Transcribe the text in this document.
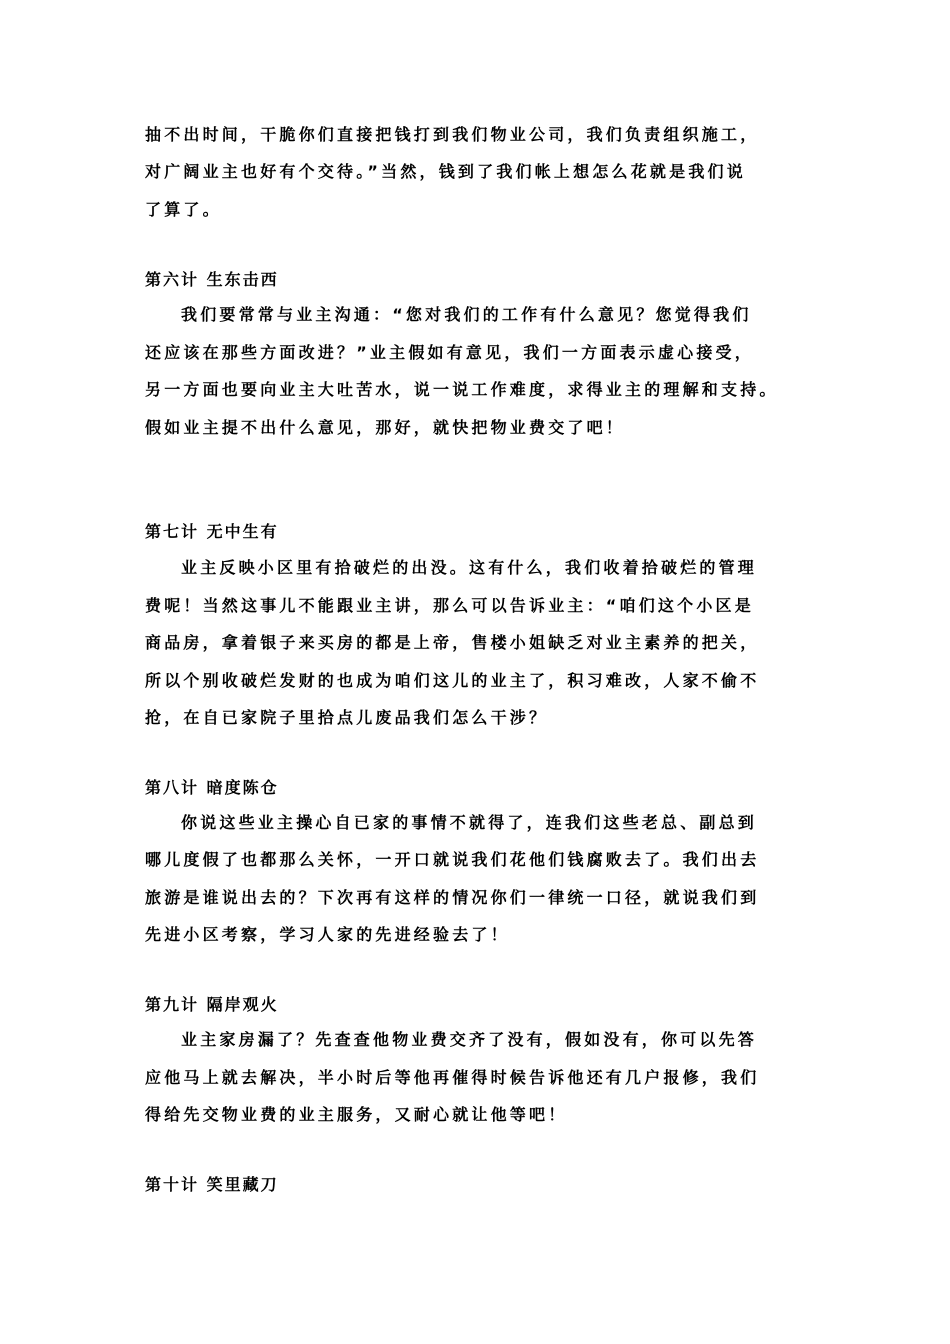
抽不出时间，干脆你们直接把钱打到我们物业公司，我们负责组织施工，
对广阔业主也好有个交待。”当然，钱到了我们帐上想怎么花就是我们说
了算了。
第六计 生东击西
我们要常常与业主沟通：“您对我们的工作有什么意见？您觉得我们
还应该在那些方面改进？”业主假如有意见，我们一方面表示虚心接受，
另一方面也要向业主大吐苦水，说一说工作难度，求得业主的理解和支持。
假如业主提不出什么意见，那好，就快把物业费交了吧！
第七计 无中生有
业主反映小区里有拾破烂的出没。这有什么，我们收着拾破烂的管理
费呢！当然这事儿不能跟业主讲，那么可以告诉业主：“咱们这个小区是
商品房，拿着银子来买房的都是上帝，售楼小姐缺乏对业主素养的把关，
所以个别收破烂发财的也成为咱们这儿的业主了，积习难改，人家不偷不
抢，在自已家院子里拾点儿废品我们怎么干涉？
第八计 暗度陈仓
你说这些业主操心自已家的事情不就得了，连我们这些老总、副总到
哪儿度假了也都那么关怀，一开口就说我们花他们钱腐败去了。我们出去
旅游是谁说出去的？下次再有这样的情况你们一律统一口径，就说我们到
先进小区考察，学习人家的先进经验去了！
第九计 隔岸观火
业主家房漏了？先查查他物业费交齐了没有，假如没有，你可以先答
应他马上就去解决，半小时后等他再催得时候告诉他还有几户报修，我们
得给先交物业费的业主服务，又耐心就让他等吧！
第十计 笑里藏刀
